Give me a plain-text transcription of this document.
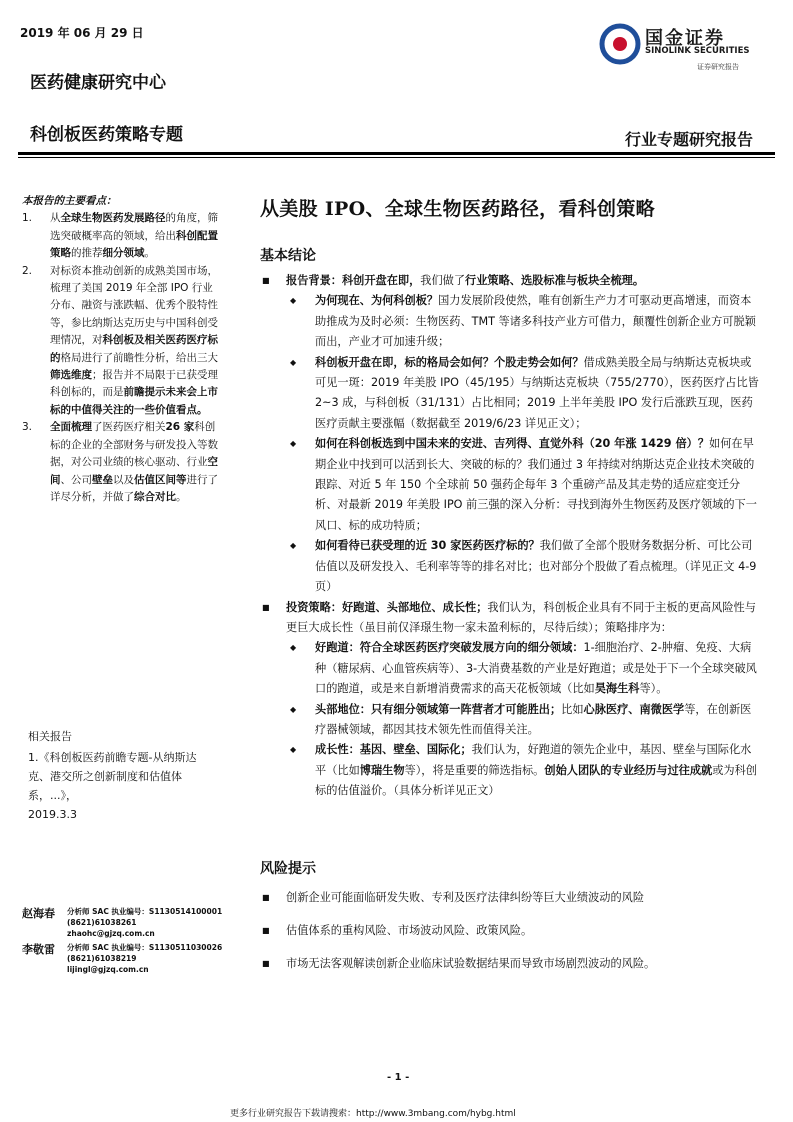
2019 年 06 月 29 日	国金证券
SINOLINK SECURITIES
证券研究报告
医药健康研究中心
科创板医药策略专题	行业专题研究报告
本报告的主要看点：
1.	从全球生物医药发展路径的角度，筛选突破概率高的领域，给出科创配置策略的推荐细分领域。
2.	对标资本推动创新的成熟美国市场，梳理了美国 2019 年全部 IPO 行业分布、融资与涨跌幅、优秀个股特性等，参比纳斯达克历史与中国科创受理情况，对科创板及相关医药医疗标的格局进行了前瞻性分析，给出三大筛选维度；报告并不局限于已获受理科创标的，而是前瞻提示未来会上市标的中值得关注的一些价值看点。
3.	全面梳理了医药医疗相关26 家科创标的企业的全部财务与研发投入等数据，对公司业绩的核心驱动、行业空间、公司壁垒以及估值区间等进行了详尽分析，并做了综合对比。
相关报告
1.《科创板医药前瞻专题-从纳斯达克、港交所之创新制度和估值体系，...》，
2019.3.3
赵海春 分析师 SAC 执业编号：S1130514100001
(8621)61038261
zhaohc@gjzq.com.cn
李敬雷 分析师 SAC 执业编号：S1130511030026
(8621)61038219
lijingl@gjzq.com.cn
从美股 IPO、全球生物医药路径，看科创策略
基本结论
■	报告背景：科创开盘在即，我们做了行业策略、选股标准与板块全梳理。
◆	为何现在、为何科创板？国力发展阶段使然，唯有创新生产力才可驱动更高增速，而资本助推成为及时必须：生物医药、TMT 等诸多科技产业方可借力，颠覆性创新企业方可脱颖而出，产业才可加速升级；
◆	科创板开盘在即，标的格局会如何？个股走势会如何？借成熟美股全局与纳斯达克板块或可见一斑：2019 年美股 IPO（45/195）与纳斯达克板块（755/2770），医药医疗占比皆 2~3 成，与科创板（31/131）占比相同；2019 上半年美股 IPO 发行后涨跌互现，医药医疗贡献主要涨幅（数据截至 2019/6/23 详见正文）；
◆	如何在科创板选到中国未来的安进、吉列得、直觉外科（20 年涨 1429 倍）？如何在早期企业中找到可以活到长大、突破的标的？我们通过 3 年持续对纳斯达克企业技术突破的跟踪、对近 5 年 150 个全球前 50 强药企每年 3 个重磅产品及其走势的适应症变迁分析、对最新 2019 年美股 IPO 前三强的深入分析：寻找到海外生物医药及医疗领域的下一风口、标的成功特质；
◆	如何看待已获受理的近 30 家医药医疗标的？我们做了全部个股财务数据分析、可比公司估值以及研发投入、毛利率等等的排名对比；也对部分个股做了看点梳理。（详见正文 4-9 页）
■	投资策略：好跑道、头部地位、成长性；我们认为，科创板企业具有不同于主板的更高风险性与更巨大成长性（虽目前仅泽璟生物一家未盈利标的，尽待后续）；策略排序为：
◆	好跑道：符合全球医药医疗突破发展方向的细分领域：1-细胞治疗、2-肿瘤、免疫、大病种（糖尿病、心血管疾病等）、3-大消费基数的产业是好跑道；或是处于下一个全球突破风口的跑道，或是来自新增消费需求的高天花板领域（比如昊海生科等）。
◆	头部地位：只有细分领域第一阵营者才可能胜出；比如心脉医疗、南微医学等，在创新医疗器械领域，都因其技术领先性而值得关注。
◆	成长性：基因、壁垒、国际化；我们认为，好跑道的领先企业中，基因、壁垒与国际化水平（比如博瑞生物等），将是重要的筛选指标。创始人团队的专业经历与过往成就或为科创标的估值溢价。（具体分析详见正文）
风险提示
■	创新企业可能面临研发失败、专利及医疗法律纠纷等巨大业绩波动的风险
■	估值体系的重构风险、市场波动风险、政策风险。
■	市场无法客观解读创新企业临床试验数据结果而导致市场剧烈波动的风险。
- 1 -
更多行业研究报告下载请搜索：http://www.3mbang.com/hybg.html
